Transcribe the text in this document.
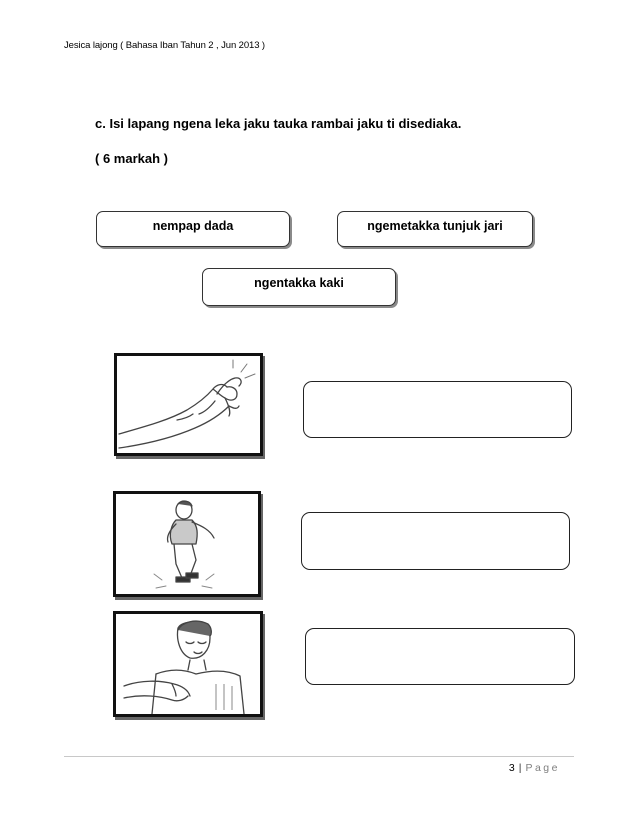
Jesica lajong ( Bahasa Iban Tahun 2 , Jun 2013 )
c. Isi lapang ngena leka jaku tauka rambai jaku ti disediaka.
( 6 markah )
nempap dada	ngemetakka tunjuk jari
ngentakka kaki
3 | Page
